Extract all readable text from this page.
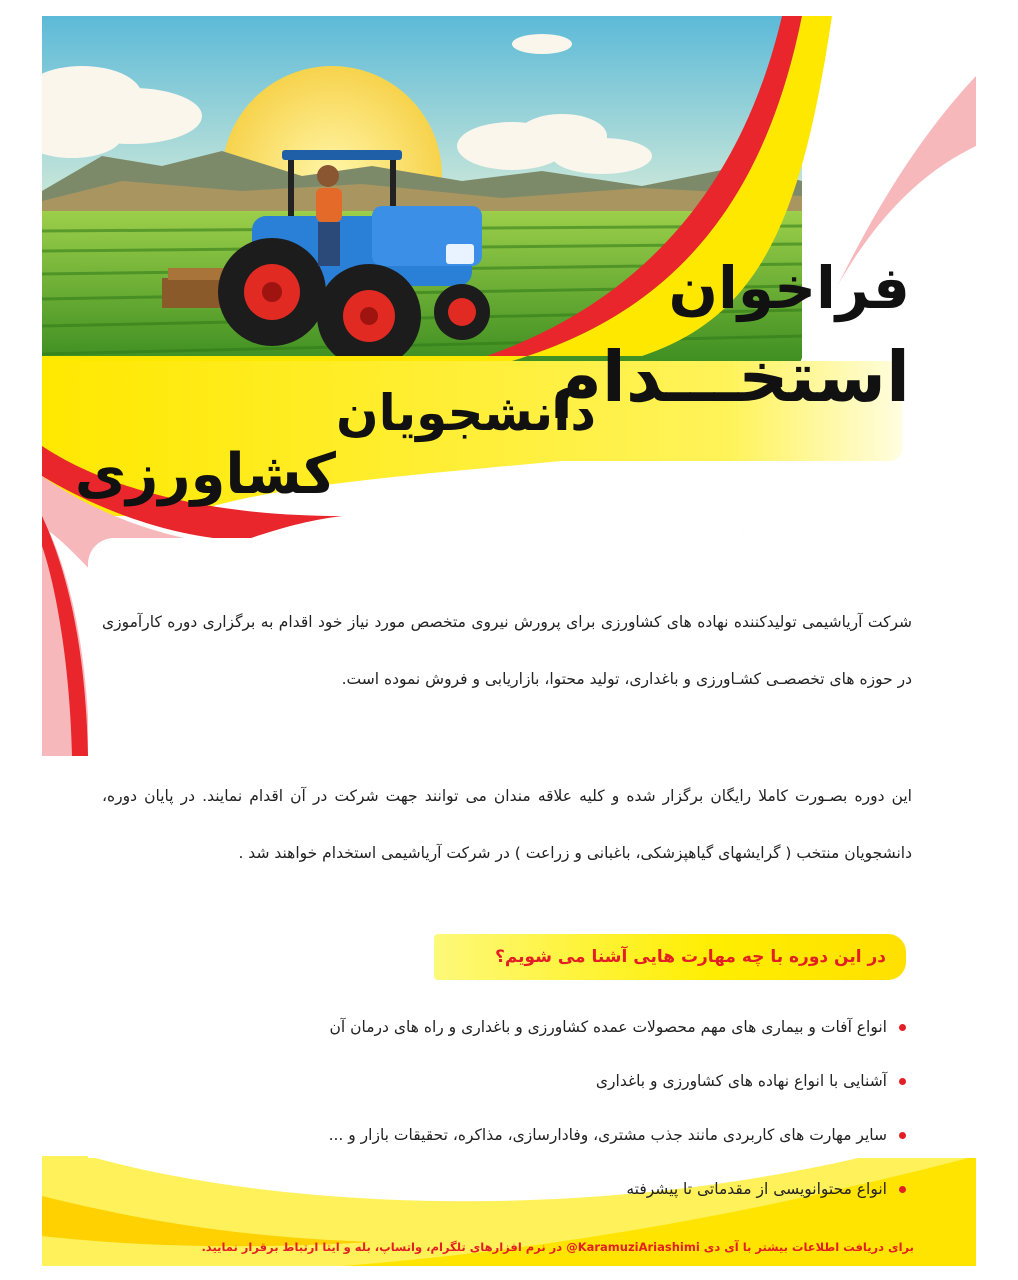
فراخوان
استخـــدام
دانشجویان
کشاورزی

شرکت آریاشیمی تولیدکننده نهاده های کشاورزی برای پرورش نیروی متخصص مورد نیاز خود اقدام به برگزاری دوره کارآموزی در حوزه های تخصصـی کشـاورزی و باغداری، تولید محتوا، بازاریابی و فروش نموده است.

این دوره بصـورت کاملا رایگان برگزار شده و کلیه علاقه مندان می توانند جهت شرکت در آن اقدام نمایند. در پایان دوره، دانشجویان منتخب ( گرایشهای گیاهپزشکی، باغبانی و زراعت ) در شرکت آریاشیمی استخدام خواهند شد .

در این دوره با چه مهارت هایی آشنا می شویم؟
انواع آفات و بیماری های مهم محصولات عمده کشاورزی و باغداری و راه های درمان آن
آشنایی با انواع نهاده های کشاورزی و باغداری
سایر مهارت های کاربردی مانند جذب مشتری، وفادارسازی، مذاکره، تحقیقات بازار و ...
انواع محتوانویسی از مقدماتی تا پیشرفته
برای دریافت اطلاعات بیشتر با آی دی KaramuziAriashimi@ در نرم افزارهای تلگرام، واتساپ، بله و ایتا ارتباط برقرار نمایید.
